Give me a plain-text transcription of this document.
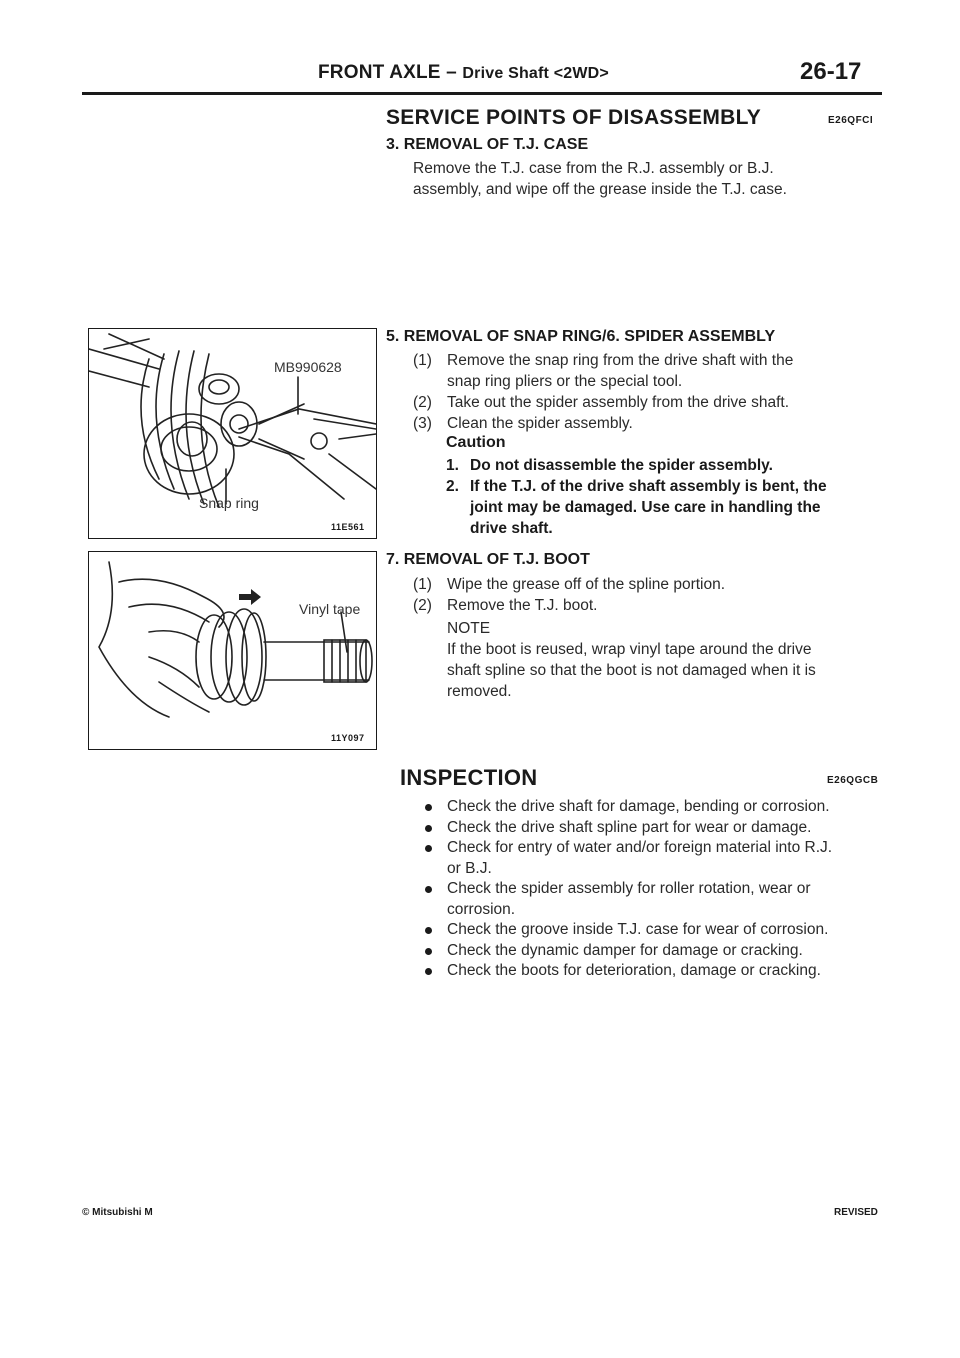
FRONT AXLE – Drive Shaft <2WD>	26-17
SERVICE POINTS OF DISASSEMBLY	E26QFCI
3. REMOVAL OF T.J. CASE
Remove the T.J. case from the R.J. assembly or B.J.
assembly, and wipe off the grease inside the T.J. case.
5. REMOVAL OF SNAP RING/6. SPIDER ASSEMBLY
(1) Remove the snap ring from the drive shaft with the
snap ring pliers or the special tool.
(2) Take out the spider assembly from the drive shaft.
(3) Clean the spider assembly.
Caution
1. Do not disassemble the spider assembly.
2. If the T.J. of the drive shaft assembly is bent, the
joint may be damaged. Use care in handling the
drive shaft.
7. REMOVAL OF T.J. BOOT
(1) Wipe the grease off of the spline portion.
(2) Remove the T.J. boot.
NOTE
If the boot is reused, wrap vinyl tape around the drive
shaft spline so that the boot is not damaged when it is
removed.
INSPECTION	E26QGCB
Check the drive shaft for damage, bending or corrosion.
Check the drive shaft spline part for wear or damage.
Check for entry of water and/or foreign material into R.J.
or B.J.
Check the spider assembly for roller rotation, wear or
corrosion.
Check the groove inside T.J. case for wear of corrosion.
Check the dynamic damper for damage or cracking.
Check the boots for deterioration, damage or cracking.
MB990628
Snap ring
11E561
Vinyl tape
11Y097
© Mitsubishi M	REVISED
